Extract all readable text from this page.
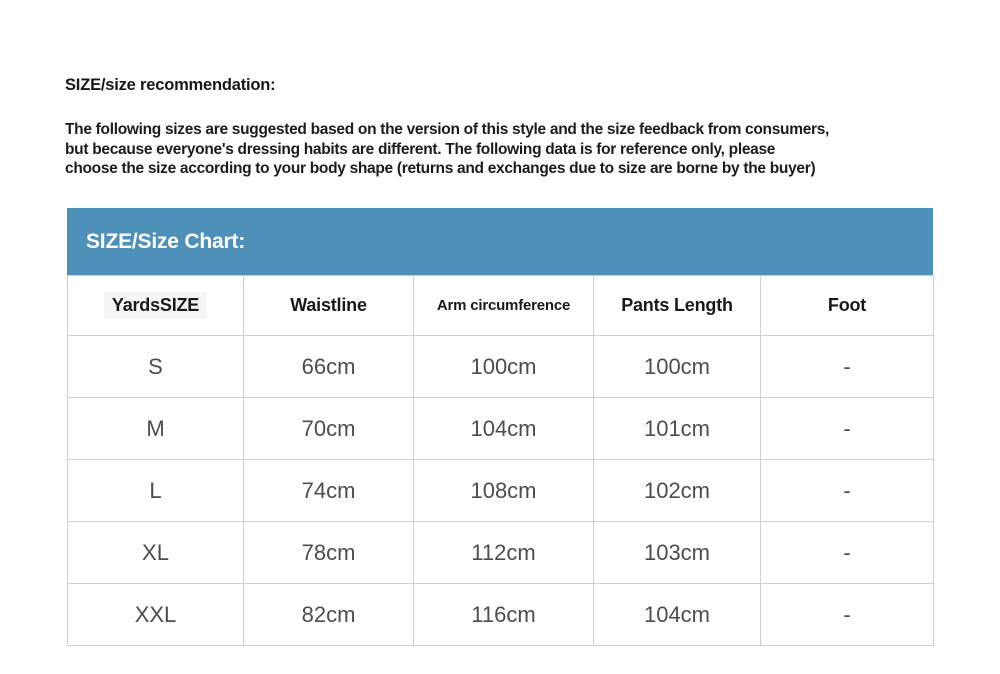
SIZE/size recommendation:
The following sizes are suggested based on the version of this style and the size feedback from consumers,
but because everyone's dressing habits are different. The following data is for reference only, please
choose the size according to your body shape (returns and exchanges due to size are borne by the buyer)
SIZE/Size Chart:
YardsSIZE	Waistline	Arm circumference	Pants Length	Foot
S	66cm	100cm	100cm	-
M	70cm	104cm	101cm	-
L	74cm	108cm	102cm	-
XL	78cm	112cm	103cm	-
XXL	82cm	116cm	104cm	-
